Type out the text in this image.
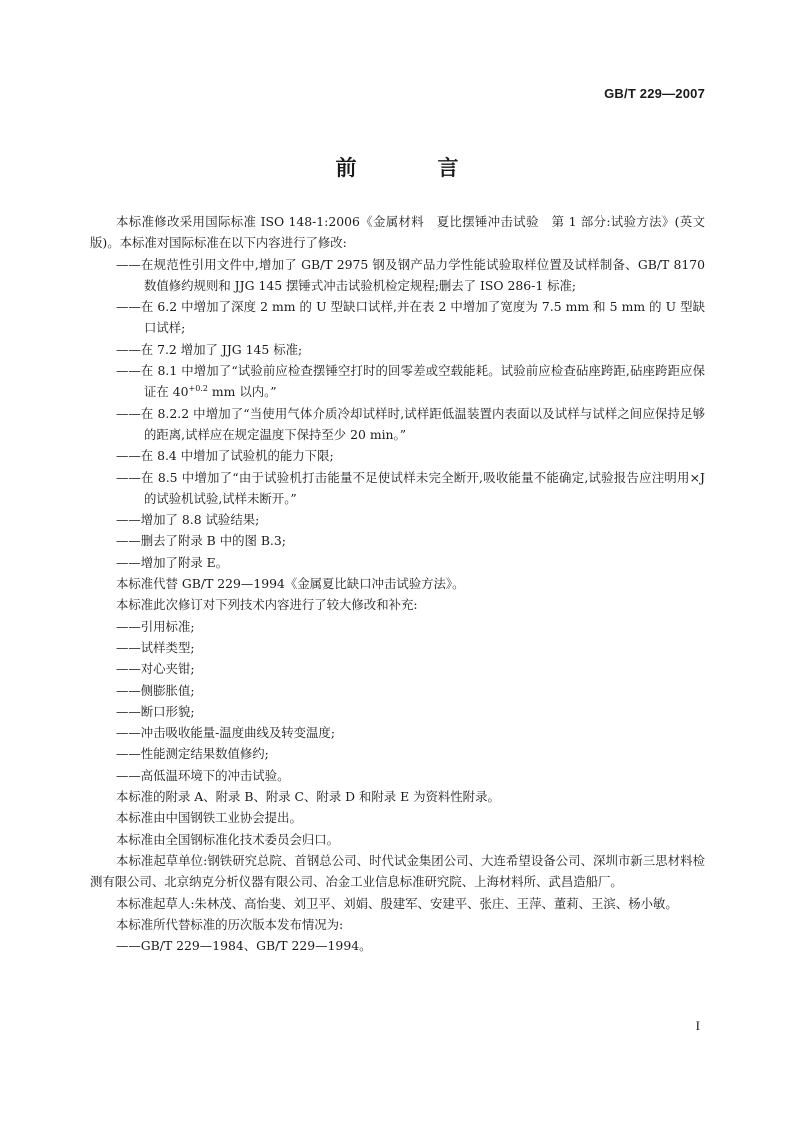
GB/T 229—2007
前　言
本标准修改采用国际标准 ISO 148-1:2006《金属材料　夏比摆锤冲击试验　第 1 部分:试验方法》(英文版)。本标准对国际标准在以下内容进行了修改:
——在规范性引用文件中,增加了 GB/T 2975 钢及钢产品力学性能试验取样位置及试样制备、GB/T 8170 数值修约规则和 JJG 145 摆锤式冲击试验机检定规程;删去了 ISO 286-1 标准;
——在 6.2 中增加了深度 2 mm 的 U 型缺口试样,并在表 2 中增加了宽度为 7.5 mm 和 5 mm 的 U 型缺口试样;
——在 7.2 增加了 JJG 145 标准;
——在 8.1 中增加了“试验前应检查摆锤空打时的回零差或空载能耗。试验前应检查砧座跨距,砧座跨距应保证在 $40^{+0.2}$ mm 以内。”
——在 8.2.2 中增加了“当使用气体介质冷却试样时,试样距低温装置内表面以及试样与试样之间应保持足够的距离,试样应在规定温度下保持至少 20 min。”
——在 8.4 中增加了试验机的能力下限;
——在 8.5 中增加了“由于试验机打击能量不足使试样未完全断开,吸收能量不能确定,试验报告应注明用×J 的试验机试验,试样未断开。”
——增加了 8.8 试验结果;
——删去了附录 B 中的图 B.3;
——增加了附录 E。
本标准代替 GB/T 229—1994《金属夏比缺口冲击试验方法》。
本标准此次修订对下列技术内容进行了较大修改和补充:
——引用标准;
——试样类型;
——对心夹钳;
——侧膨胀值;
——断口形貌;
——冲击吸收能量-温度曲线及转变温度;
——性能测定结果数值修约;
——高低温环境下的冲击试验。
本标准的附录 A、附录 B、附录 C、附录 D 和附录 E 为资料性附录。
本标准由中国钢铁工业协会提出。
本标准由全国钢标准化技术委员会归口。
本标准起草单位:钢铁研究总院、首钢总公司、时代试金集团公司、大连希望设备公司、深圳市新三思材料检测有限公司、北京纳克分析仪器有限公司、冶金工业信息标准研究院、上海材料所、武昌造船厂。
本标准起草人:朱林茂、高怡斐、刘卫平、刘娟、殷建军、安建平、张庄、王萍、董莉、王滨、杨小敏。
本标准所代替标准的历次版本发布情况为:
——GB/T 229—1984、GB/T 229—1994。
I
